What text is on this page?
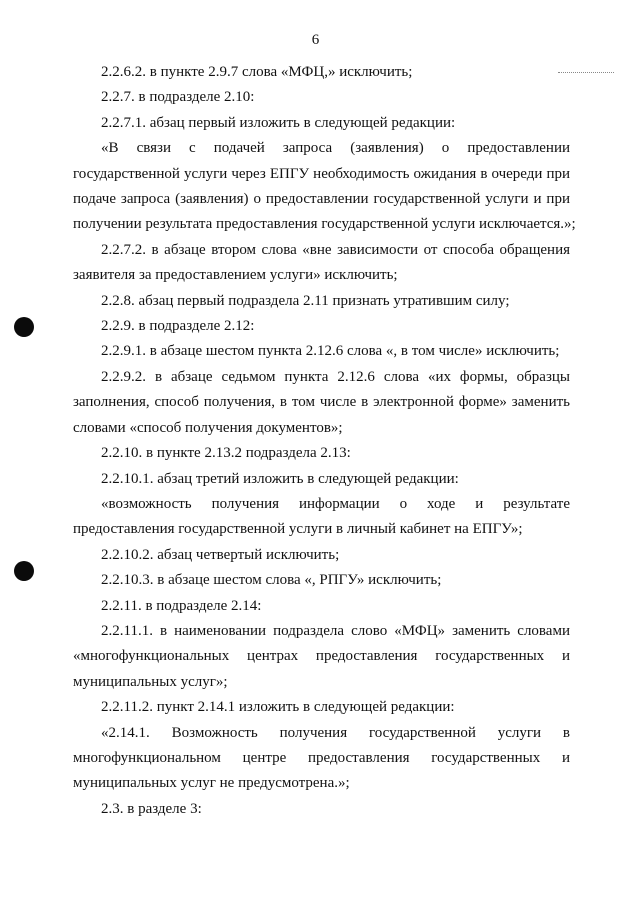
6
2.2.6.2. в пункте 2.9.7 слова «МФЦ,» исключить;
2.2.7. в подразделе 2.10:
2.2.7.1. абзац первый изложить в следующей редакции:
«В связи с подачей запроса (заявления) о предоставлении
государственной услуги через ЕПГУ необходимость ожидания в очереди при
подаче запроса (заявления) о предоставлении государственной услуги и при
получении результата предоставления государственной услуги исключается.»;
2.2.7.2. в абзаце втором слова «вне зависимости от способа обращения
заявителя за предоставлением услуги» исключить;
2.2.8. абзац первый подраздела 2.11 признать утратившим силу;
2.2.9. в подразделе 2.12:
2.2.9.1. в абзаце шестом пункта 2.12.6 слова «, в том числе» исключить;
2.2.9.2. в абзаце седьмом пункта 2.12.6 слова «их формы, образцы
заполнения, способ получения, в том числе в электронной форме» заменить
словами «способ получения документов»;
2.2.10. в пункте 2.13.2 подраздела 2.13:
2.2.10.1. абзац третий изложить в следующей редакции:
«возможность получения информации о ходе и результате
предоставления государственной услуги в личный кабинет на ЕПГУ»;
2.2.10.2. абзац четвертый исключить;
2.2.10.3. в абзаце шестом слова «, РПГУ» исключить;
2.2.11. в подразделе 2.14:
2.2.11.1. в наименовании подраздела слово «МФЦ» заменить словами
«многофункциональных центрах предоставления государственных и
муниципальных услуг»;
2.2.11.2. пункт 2.14.1 изложить в следующей редакции:
«2.14.1. Возможность получения государственной услуги в
многофункциональном центре предоставления государственных и
муниципальных услуг не предусмотрена.»;
2.3. в разделе 3:
